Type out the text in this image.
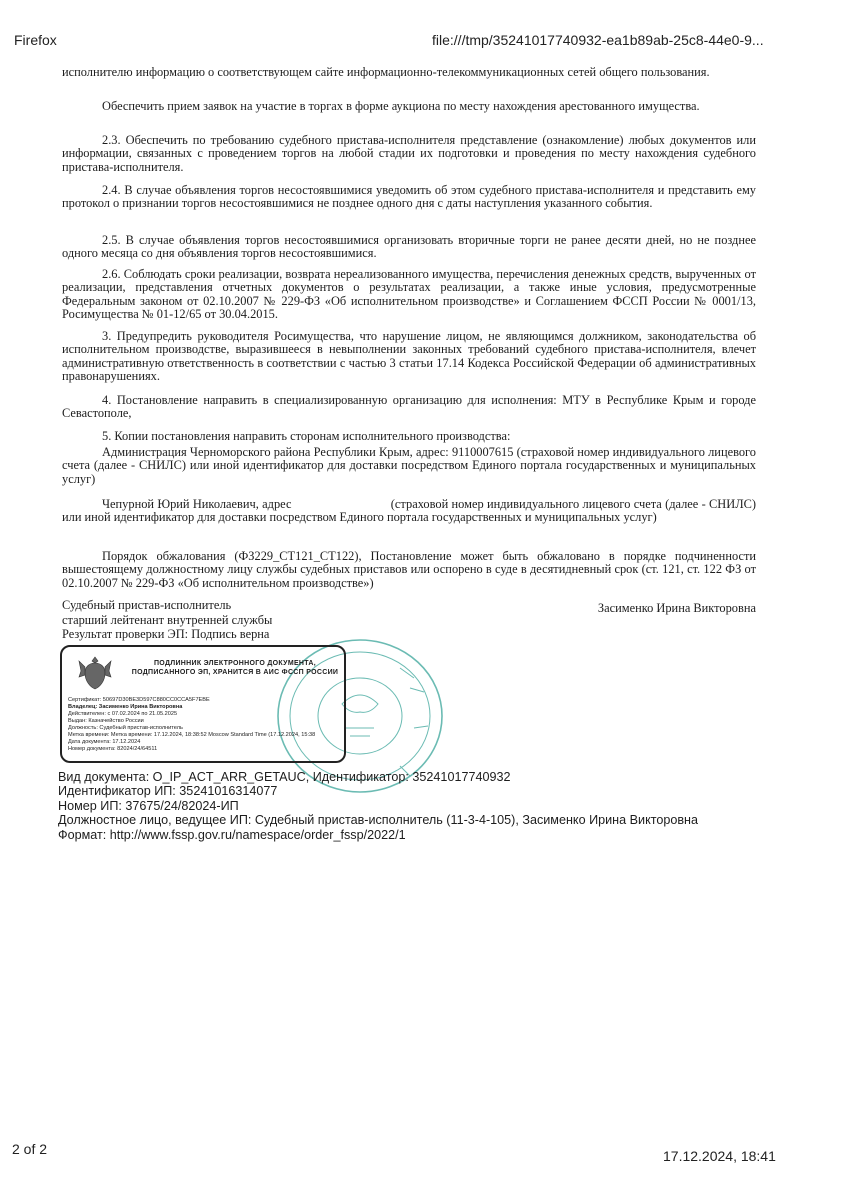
Firefox	file:///tmp/35241017740932-ea1b89ab-25c8-44e0-9...

исполнителю информацию о соответствующем сайте информационно-телекоммуникационных сетей общего пользования.

Обеспечить прием заявок на участие в торгах в форме аукциона по месту нахождения арестованного имущества.

2.3. Обеспечить по требованию судебного пристава-исполнителя представление (ознакомление) любых документов или информации, связанных с проведением торгов на любой стадии их подготовки и проведения по месту нахождения судебного пристава-исполнителя.

2.4. В случае объявления торгов несостоявшимися уведомить об этом судебного пристава-исполнителя и представить ему протокол о признании торгов несостоявшимися не позднее одного дня с даты наступления указанного события.

2.5. В случае объявления торгов несостоявшимися организовать вторичные торги не ранее десяти дней, но не позднее одного месяца со дня объявления торгов несостоявшимися.

2.6. Соблюдать сроки реализации, возврата нереализованного имущества, перечисления денежных средств, вырученных от реализации, представления отчетных документов о результатах реализации, а также иные условия, предусмотренные Федеральным законом от 02.10.2007 № 229-ФЗ «Об исполнительном производстве» и Соглашением ФССП России № 0001/13, Росимущества № 01-12/65 от 30.04.2015.

3. Предупредить руководителя Росимущества, что нарушение лицом, не являющимся должником, законодательства об исполнительном производстве, выразившееся в невыполнении законных требований судебного пристава-исполнителя, влечет административную ответственность в соответствии с частью 3 статьи 17.14 Кодекса Российской Федерации об административных правонарушениях.

4. Постановление направить в специализированную организацию для исполнения: МТУ в Республике Крым и городе Севастополе,

5. Копии постановления направить сторонам исполнительного производства:

Администрация Черноморского района Республики Крым, адрес: 9110007615 (страховой номер индивидуального лицевого счета (далее - СНИЛС) или иной идентификатор для доставки посредством Единого портала государственных и муниципальных услуг)

Чепурной Юрий Николаевич, адрес                              (страховой номер индивидуального лицевого счета (далее - СНИЛС) или иной идентификатор для доставки посредством Единого портала государственных и муниципальных услуг)

Порядок обжалования (ФЗ229_СТ121_СТ122), Постановление может быть обжаловано в порядке подчиненности вышестоящему должностному лицу службы судебных приставов или оспорено в суде в десятидневный срок (ст. 121, ст. 122 ФЗ от 02.10.2007 № 229-ФЗ «Об исполнительном производстве»)

Судебный пристав-исполнитель	Засименко Ирина Викторовна
старший лейтенант внутренней службы
Результат проверки ЭП: Подпись верна
ПОДЛИННИК ЭЛЕКТРОННОГО ДОКУМЕНТА,
ПОДПИСАННОГО ЭП, ХРАНИТСЯ В АИС ФССП РОССИИ
Сертификат: 50697D30BE3D597C880CC0CCA5F7EBE
Владелец: Засименко Ирина Викторовна
Действителен: с 07.02.2024 по 21.05.2025
Выдан: Казначейство России
Должность: Судебный пристав-исполнитель
Метка времени: Метка времени: 17.12.2024, 18:38:52 Moscow Standard Time (17.12.2024, 15:38
Дата документа: 17.12.2024
Номер документа: 82024/24/64511
Вид документа: O_IP_ACT_ARR_GETAUC, Идентификатор: 35241017740932
Идентификатор ИП: 35241016314077
Номер ИП: 37675/24/82024-ИП
Должностное лицо, ведущее ИП: Судебный пристав-исполнитель (11-3-4-105), Засименко Ирина Викторовна
Формат: http://www.fssp.gov.ru/namespace/order_fssp/2022/1
2 of 2	17.12.2024, 18:41
